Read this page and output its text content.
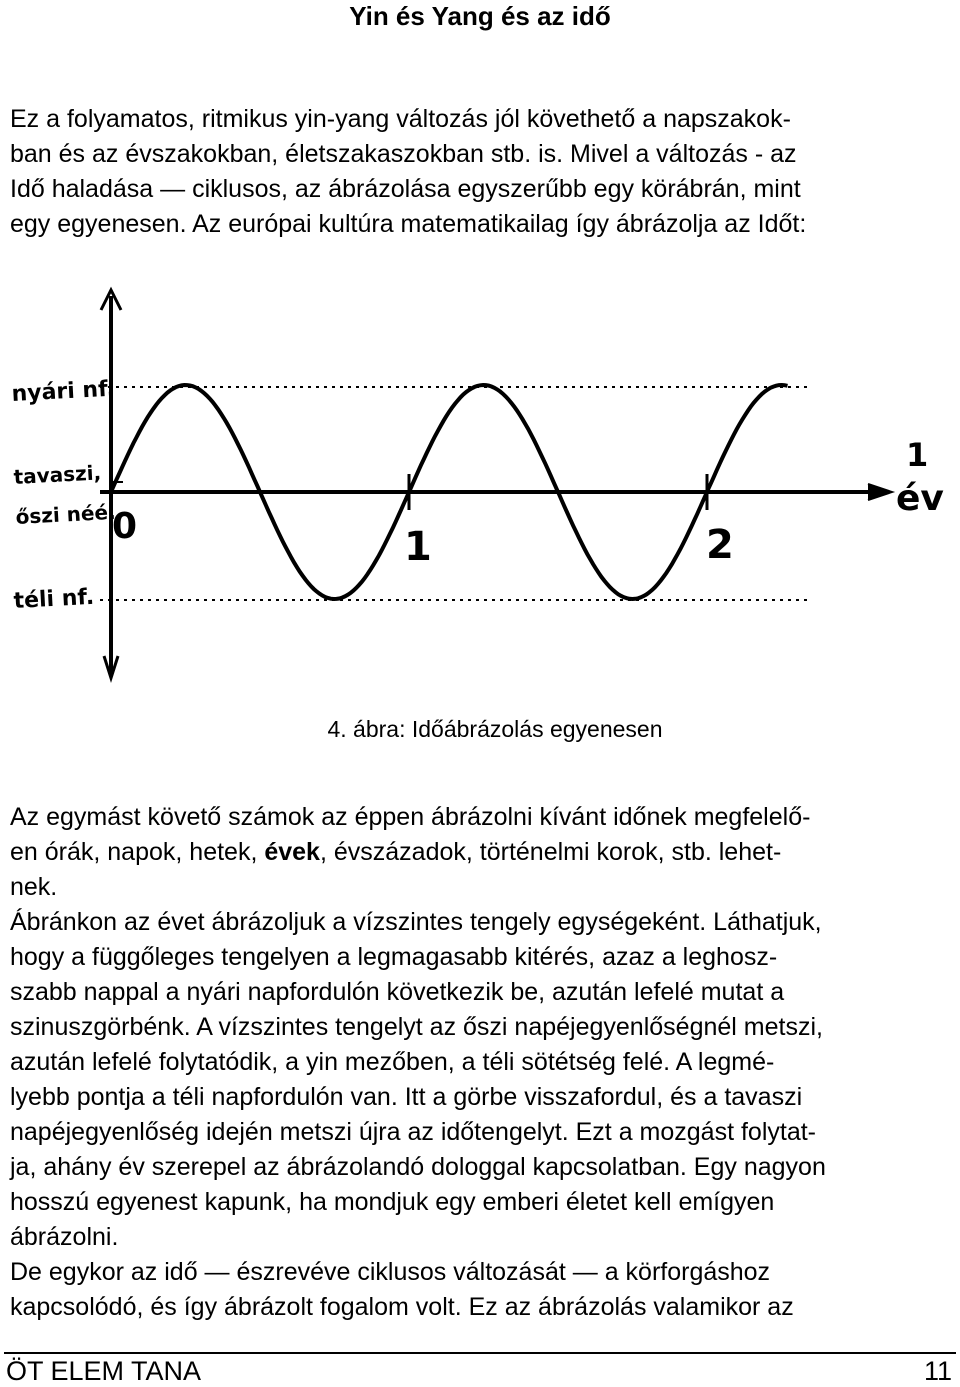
Yin és Yang és az idő
Ez a folyamatos, ritmikus yin-yang változás jól követhető a napszakok-
ban és az évszakokban, életszakaszokban stb. is. Mivel a változás - az
Idő haladása — ciklusos, az ábrázolása egyszerűbb egy körábrán, mint
egy egyenesen. Az európai kultúra matematikailag így ábrázolja az Időt:
nyári nf.
tavaszi,
őszi néé.
téli nf.
0	1	2
1
év
4. ábra: Időábrázolás egyenesen
Az egymást követő számok az éppen ábrázolni kívánt időnek megfelelő-
en órák, napok, hetek, évek, évszázadok, történelmi korok, stb. lehet-
nek.
Ábránkon az évet ábrázoljuk a vízszintes tengely egységeként. Láthatjuk,
hogy a függőleges tengelyen a legmagasabb kitérés, azaz a leghosz-
szabb nappal a nyári napfordulón következik be, azután lefelé mutat a
szinuszgörbénk. A vízszintes tengelyt az őszi napéjegyenlőségnél metszi,
azután lefelé folytatódik, a yin mezőben, a téli sötétség felé. A legmé-
lyebb pontja a téli napfordulón van. Itt a görbe visszafordul, és a tavaszi
napéjegyenlőség idején metszi újra az időtengelyt. Ezt a mozgást folytat-
ja, ahány év szerepel az ábrázolandó dologgal kapcsolatban. Egy nagyon
hosszú egyenest kapunk, ha mondjuk egy emberi életet kell emígyen
ábrázolni.
De egykor az idő — észrevéve ciklusos változását — a körforgáshoz
kapcsolódó, és így ábrázolt fogalom volt. Ez az ábrázolás valamikor az
ÖT ELEM TANA	11
